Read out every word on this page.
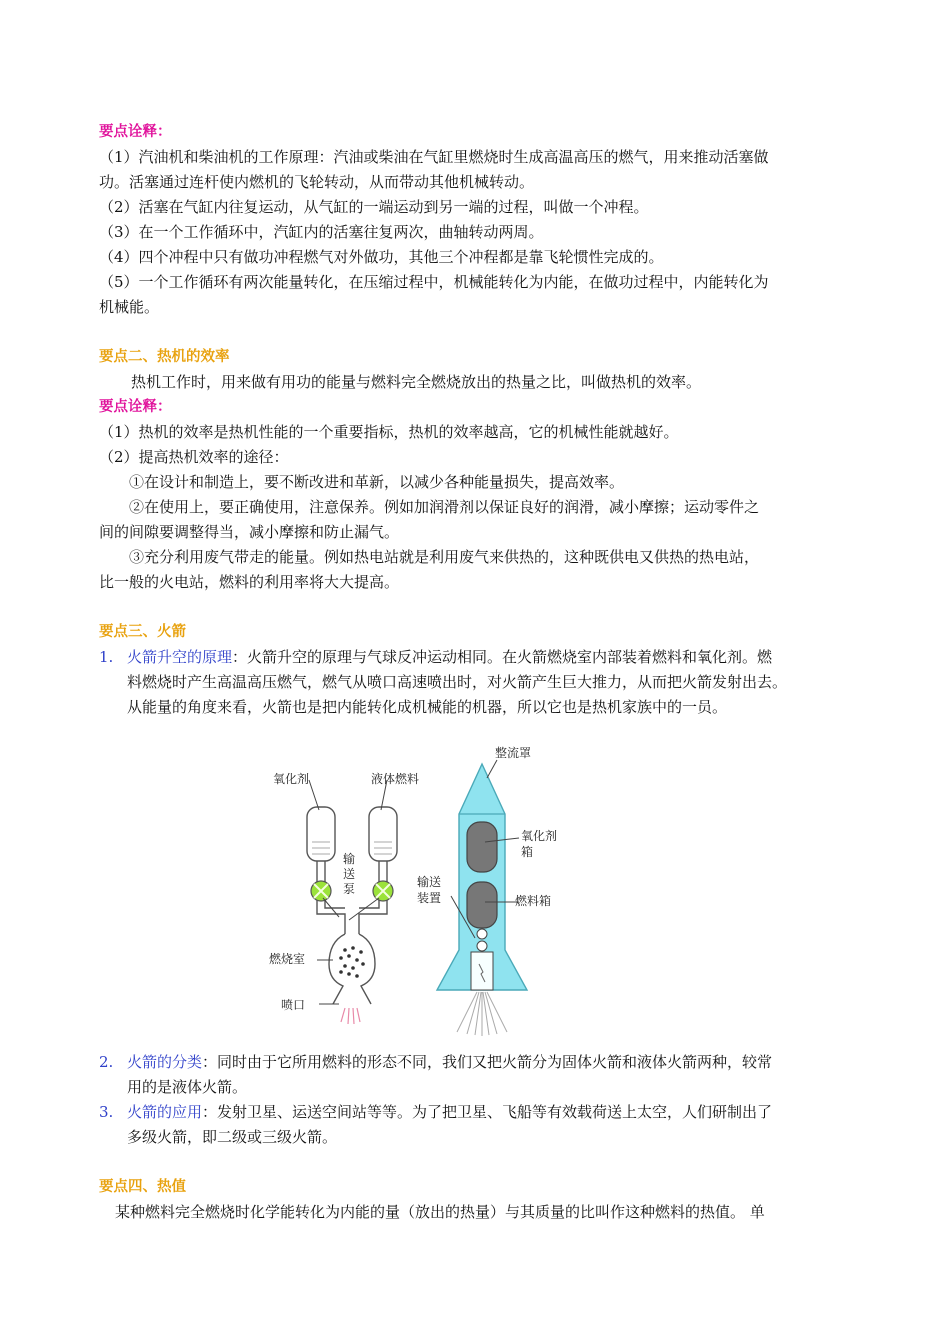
要点诠释：

（1）汽油机和柴油机的工作原理：汽油或柴油在气缸里燃烧时生成高温高压的燃气，用来推动活塞做

功。活塞通过连杆使内燃机的飞轮转动，从而带动其他机械转动。

（2）活塞在气缸内往复运动，从气缸的一端运动到另一端的过程，叫做一个冲程。

（3）在一个工作循环中，汽缸内的活塞往复两次，曲轴转动两周。

（4）四个冲程中只有做功冲程燃气对外做功，其他三个冲程都是靠飞轮惯性完成的。

（5）一个工作循环有两次能量转化，在压缩过程中，机械能转化为内能，在做功过程中，内能转化为

机械能。

要点二、热机的效率

热机工作时，用来做有用功的能量与燃料完全燃烧放出的热量之比，叫做热机的效率。

要点诠释：

（1）热机的效率是热机性能的一个重要指标，热机的效率越高，它的机械性能就越好。

（2）提高热机效率的途径：

①在设计和制造上，要不断改进和革新，以减少各种能量损失，提高效率。

②在使用上，要正确使用，注意保养。例如加润滑剂以保证良好的润滑，减小摩擦；运动零件之

间的间隙要调整得当，减小摩擦和防止漏气。

③充分利用废气带走的能量。例如热电站就是利用废气来供热的，这种既供电又供热的热电站，

比一般的火电站，燃料的利用率将大大提高。

要点三、火箭

1. 火箭升空的原理：火箭升空的原理与气球反冲运动相同。在火箭燃烧室内部装着燃料和氧化剂。燃

料燃烧时产生高温高压燃气，燃气从喷口高速喷出时，对火箭产生巨大推力，从而把火箭发射出去。

从能量的角度来看，火箭也是把内能转化成机械能的机器，所以它也是热机家族中的一员。

氧化剂	液体燃料
输送泵
燃烧室
喷口
整流罩
氧化剂箱
燃料箱
输送装置

2. 火箭的分类：同时由于它所用燃料的形态不同，我们又把火箭分为固体火箭和液体火箭两种，较常

用的是液体火箭。

3. 火箭的应用：发射卫星、运送空间站等等。为了把卫星、飞船等有效载荷送上太空，人们研制出了

多级火箭，即二级或三级火箭。

要点四、热值

某种燃料完全燃烧时化学能转化为内能的量（放出的热量）与其质量的比叫作这种燃料的热值。 单
